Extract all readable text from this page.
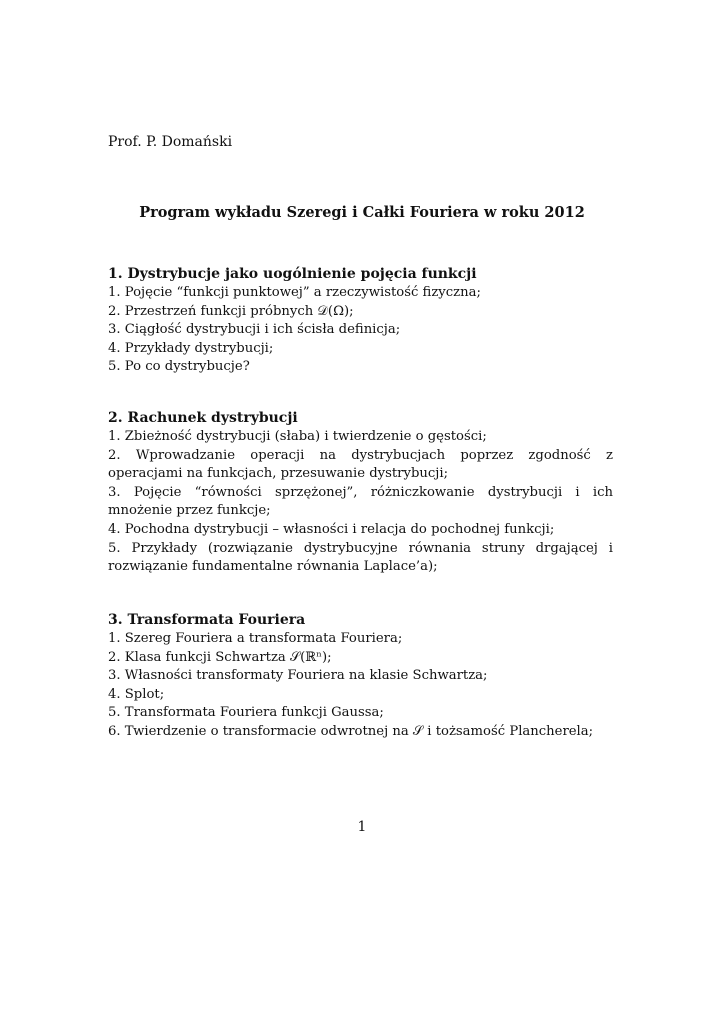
Prof. P. Domański
Program wykładu Szeregi i Całki Fouriera w roku 2012
1. Dystrybucje jako uogólnienie pojęcia funkcji
1. Pojęcie “funkcji punktowej” a rzeczywistość fizyczna;
2. Przestrzeń funkcji próbnych 𝒟(Ω);
3. Ciągłość dystrybucji i ich ścisła definicja;
4. Przykłady dystrybucji;
5. Po co dystrybucje?
2. Rachunek dystrybucji
1. Zbieżność dystrybucji (słaba) i twierdzenie o gęstości;
2. Wprowadzanie operacji na dystrybucjach poprzez zgodność z operacjami na funkcjach, przesuwanie dystrybucji;
3. Pojęcie “równości sprzężonej”, różniczkowanie dystrybucji i ich mnożenie przez funkcje;
4. Pochodna dystrybucji – własności i relacja do pochodnej funkcji;
5. Przykłady (rozwiązanie dystrybucyjne równania struny drgającej i rozwiązanie fundamentalne równania Laplace’a);
3. Transformata Fouriera
1. Szereg Fouriera a transformata Fouriera;
2. Klasa funkcji Schwartza 𝒮(ℝⁿ);
3. Własności transformaty Fouriera na klasie Schwartza;
4. Splot;
5. Transformata Fouriera funkcji Gaussa;
6. Twierdzenie o transformacie odwrotnej na 𝒮 i tożsamość Plancherela;
1
